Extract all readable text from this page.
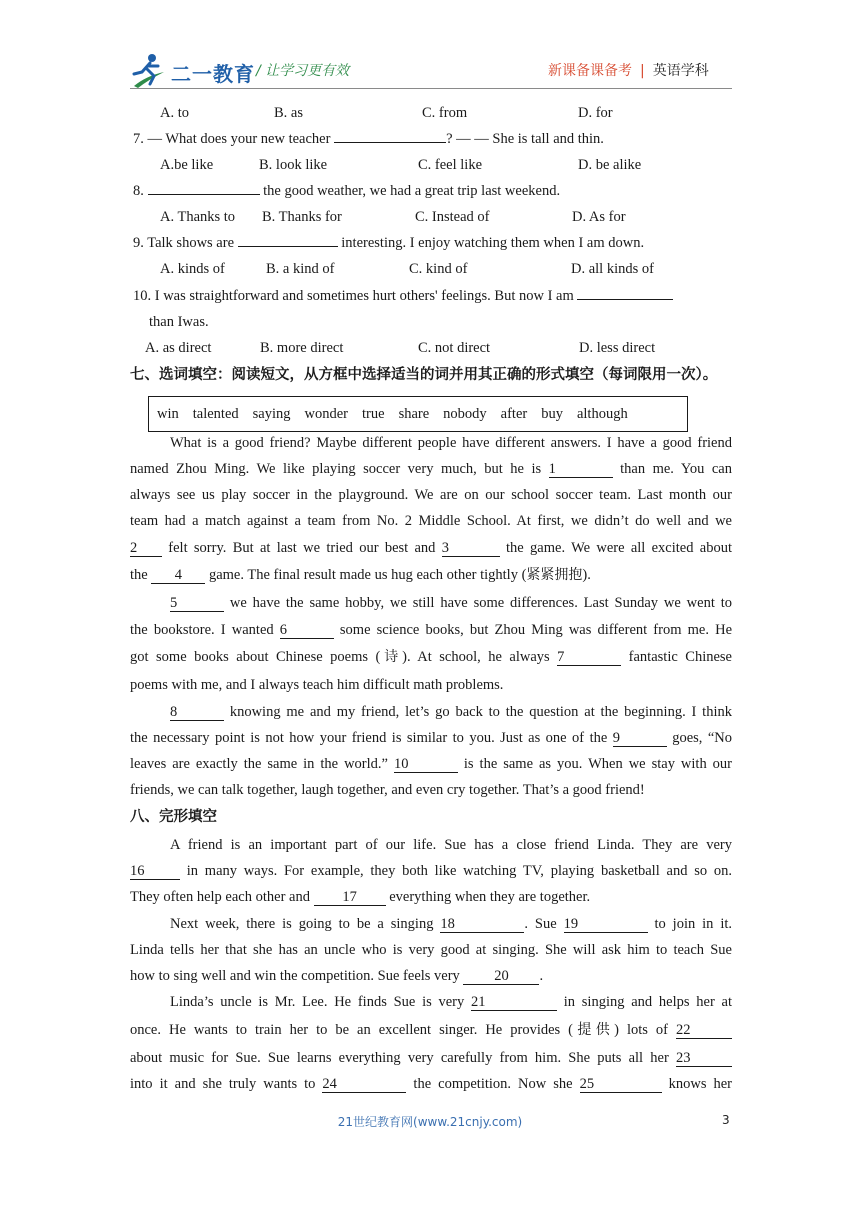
二一教育 / 让学习更有效	新课备课备考 | 英语学科
A. to	B. as	C. from	D. for
7. — What does your new teacher	? — — She is tall and thin.
A.be like	B. look like	C. feel like	D. be alike
8.	the good weather, we had a great trip last weekend.
A. Thanks to B. Thanks for	C. Instead of	D. As for
9. Talk shows are	interesting. I enjoy watching them when I am down.
A. kinds of	B. a kind of	C. kind of	D. all kinds of
10. I was straightforward and sometimes hurt others' feelings. But now I am
than Iwas.
A. as direct	B. more direct	C. not direct	D. less direct
七、选词填空：阅读短文，从方框中选择适当的词并用其正确的形式填空（每词限用一次）。
win talented saying wonder true share nobody after buy although
What is a good friend? Maybe different people have different answers. I have a good friend
named Zhou Ming. We like playing soccer very much, but he is 1	than me. You can
always see us play soccer in the playground. We are on our school soccer team. Last month our
team had a match against a team from No. 2 Middle School. At first, we didn’t do well and we
2 felt sorry. But at last we tried our best and 3	the game. We were all excited about
the 4 game. The final result made us hug each other tightly (紧紧拥抱).
5	we have the same hobby, we still have some differences. Last Sunday we went to
the bookstore. I wanted 6	some science books, but Zhou Ming was different from me. He
got some books about Chinese poems (诗). At school, he always 7	fantastic Chinese
poems with me, and I always teach him difficult math problems.
8	knowing me and my friend, let’s go back to the question at the beginning. I think
the necessary point is not how your friend is similar to you. Just as one of the 9	goes, “No
leaves are exactly the same in the world.” 10	is the same as you. When we stay with our
friends, we can talk together, laugh together, and even cry together. That’s a good friend!
八、完形填空
A friend is an important part of our life. Sue has a close friend Linda. They are very
16 in many ways. For example, they both like watching TV, playing basketball and so on.
They often help each other and 17 everything when they are together.
Next week, there is going to be a singing 18	. Sue 19	to join in it.
Linda tells her that she has an uncle who is very good at singing. She will ask him to teach Sue
how to sing well and win the competition. Sue feels very 20 .
Linda’s uncle is Mr. Lee. He finds Sue is very 21	in singing and helps her at
once. He wants to train her to be an excellent singer. He provides (提供) lots of 22
about music for Sue. Sue learns everything very carefully from him. She puts all her 23
into it and she truly wants to 24	the competition. Now she 25	knows her
21世纪教育网(www.21cnjy.com)	3
